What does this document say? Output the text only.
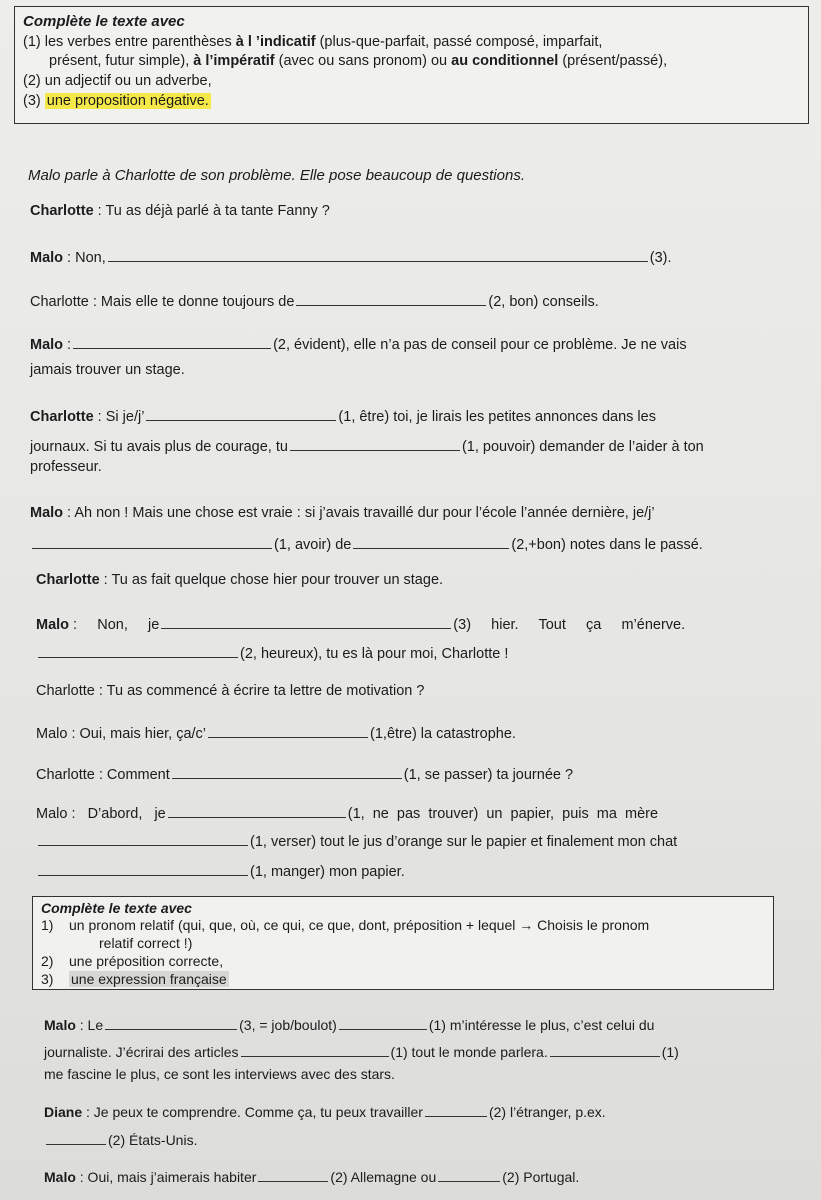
Complète le texte avec
(1) les verbes entre parenthèses à l ’indicatif (plus-que-parfait, passé composé, imparfait,
présent, futur simple), à l’impératif (avec ou sans pronom) ou au conditionnel (présent/passé),
(2) un adjectif ou un adverbe,
(3) une proposition négative.
Malo parle à Charlotte de son problème. Elle pose beaucoup de questions.
Charlotte : Tu as déjà parlé à ta tante Fanny ?
Malo : Non,	(3).
Charlotte : Mais elle te donne toujours de	(2, bon) conseils.
Malo :	(2, évident), elle n’a pas de conseil pour ce problème. Je ne vais
jamais trouver un stage.
Charlotte : Si je/j’	(1, être) toi, je lirais les petites annonces dans les
journaux. Si tu avais plus de courage, tu	(1, pouvoir) demander de l’aider à ton
professeur.
Malo : Ah non ! Mais une chose est vraie : si j’avais travaillé dur pour l’école l’année dernière, je/j’
(1, avoir) de	(2,+bon) notes dans le passé.
Charlotte : Tu as fait quelque chose hier pour trouver un stage.
Malo :     Non,     je	(3)     hier.     Tout     ça     m’énerve.
(2, heureux), tu es là pour moi, Charlotte !
Charlotte : Tu as commencé à écrire ta lettre de motivation ?
Malo : Oui, mais hier, ça/c’	(1,être) la catastrophe.
Charlotte : Comment	(1, se passer) ta journée ?
Malo :   D’abord,   je	(1,  ne  pas  trouver)  un  papier,  puis  ma  mère
(1, verser) tout le jus d’orange sur le papier et finalement mon chat
(1, manger) mon papier.
Complète le texte avec
1)    un pronom relatif (qui, que, où, ce qui, ce que, dont, préposition + lequel → Choisis le pronom
relatif correct !)
2)    une préposition correcte,
3)    une expression française
Malo : Le	(3, = job/boulot)	(1) m’intéresse le plus, c’est celui du
journaliste. J’écrirai des articles	(1) tout le monde parlera.	(1)
me fascine le plus, ce sont les interviews avec des stars.
Diane : Je peux te comprendre. Comme ça, tu peux travailler	(2) l’étranger, p.ex.
(2) États-Unis.
Malo : Oui, mais j’aimerais habiter	(2) Allemagne ou	(2) Portugal.
